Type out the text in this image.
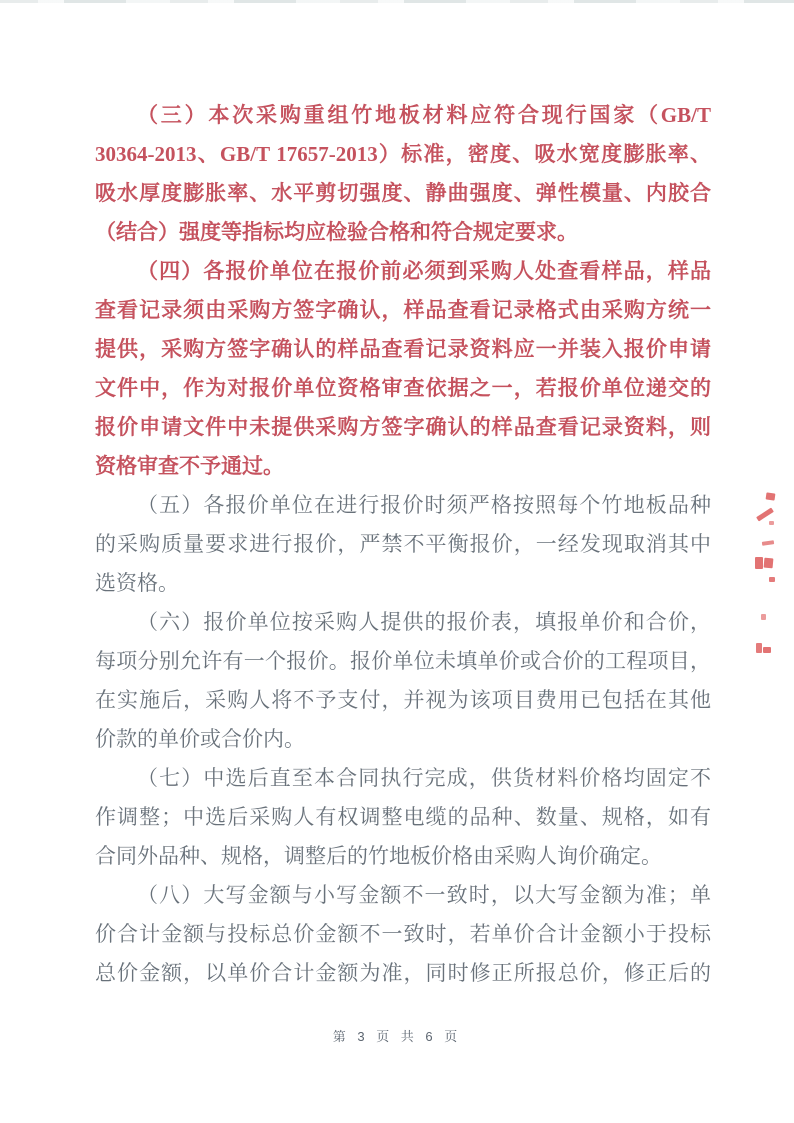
（三）本次采购重组竹地板材料应符合现行国家（GB/T
30364-2013、GB/T 17657-2013）标准，密度、吸水宽度膨胀率、
吸水厚度膨胀率、水平剪切强度、静曲强度、弹性模量、内胶合
（结合）强度等指标均应检验合格和符合规定要求。
（四）各报价单位在报价前必须到采购人处查看样品，样品
查看记录须由采购方签字确认，样品查看记录格式由采购方统一
提供，采购方签字确认的样品查看记录资料应一并装入报价申请
文件中，作为对报价单位资格审查依据之一，若报价单位递交的
报价申请文件中未提供采购方签字确认的样品查看记录资料，则
资格审查不予通过。
（五）各报价单位在进行报价时须严格按照每个竹地板品种
的采购质量要求进行报价，严禁不平衡报价，一经发现取消其中
选资格。
（六）报价单位按采购人提供的报价表，填报单价和合价，
每项分别允许有一个报价。报价单位未填单价或合价的工程项目，
在实施后，采购人将不予支付，并视为该项目费用已包括在其他
价款的单价或合价内。
（七）中选后直至本合同执行完成，供货材料价格均固定不
作调整；中选后采购人有权调整电缆的品种、数量、规格，如有
合同外品种、规格，调整后的竹地板价格由采购人询价确定。
（八）大写金额与小写金额不一致时，以大写金额为准；单
价合计金额与投标总价金额不一致时，若单价合计金额小于投标
总价金额，以单价合计金额为准，同时修正所报总价，修正后的
第 3 页 共 6 页
